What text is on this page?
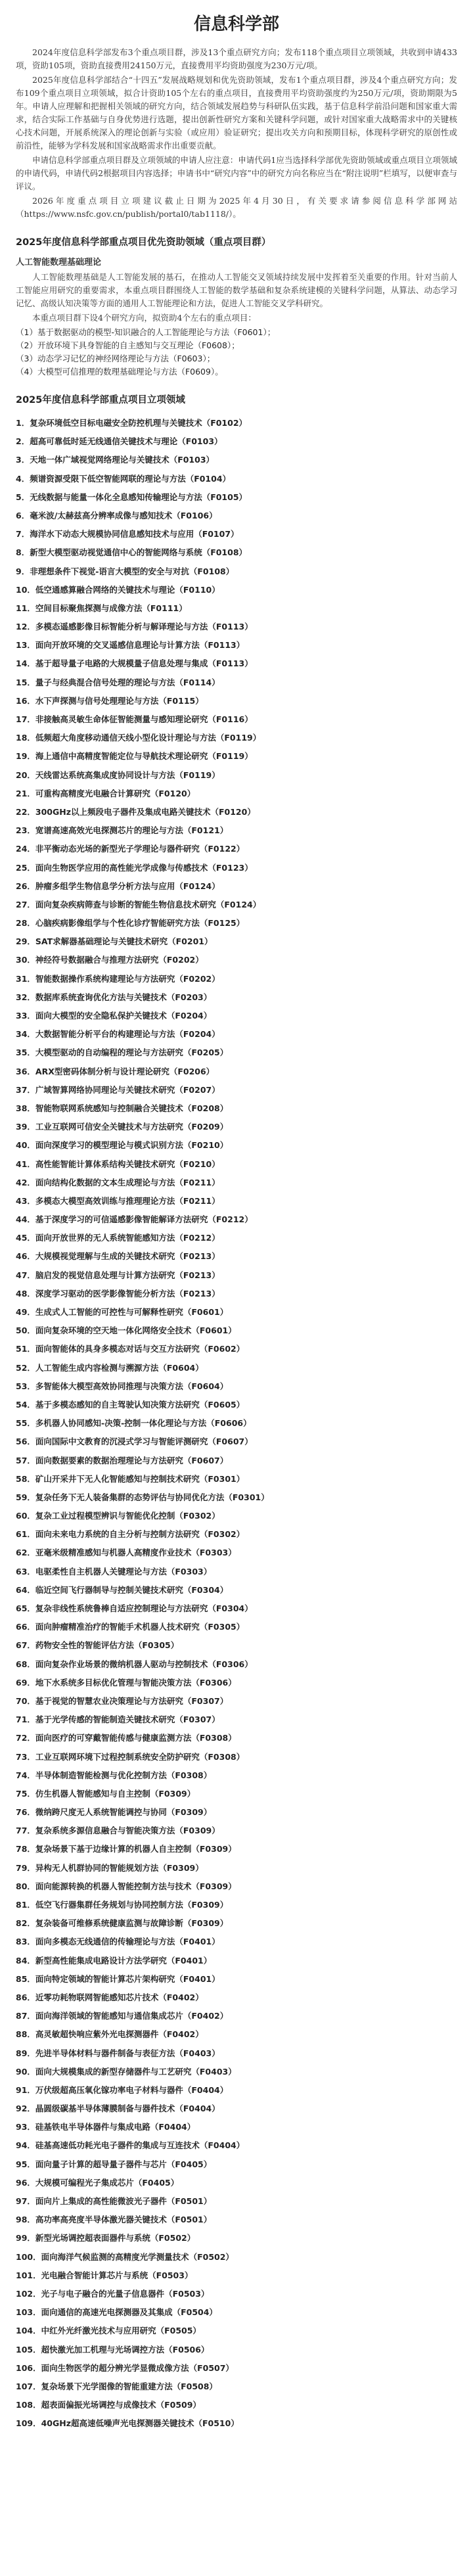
信息科学部

2024年度信息科学部发布3个重点项目群，涉及13个重点研究方向；发布118个重点项目立项领域，共收到申请433项，资助105项，资助直接费用24150万元，直接费用平均资助强度为230万元/项。

2025年度信息科学部结合“十四五”发展战略规划和优先资助领域，发布1个重点项目群，涉及4个重点研究方向；发布109个重点项目立项领域，拟合计资助105个左右的重点项目，直接费用平均资助强度约为250万元/项，资助期限为5年。申请人应理解和把握相关领域的研究方向，结合领域发展趋势与科研队伍实践，基于信息科学前沿问题和国家重大需求，结合实际工作基础与自身优势进行选题，提出创新性研究方案和关键科学问题，或针对国家重大战略需求中的关键核心技术问题，开展系统深入的理论创新与实验（或应用）验证研究；提出攻关方向和预期目标，体现科学研究的原创性或前沿性，能够为学科发展和国家战略需求作出重要贡献。

申请信息科学部重点项目群及立项领域的申请人应注意：申请代码1应当选择科学部优先资助领域或重点项目立项领域的申请代码，申请代码2根据项目内容选择；申请书中“研究内容”中的研究方向名称应当在“附注说明”栏填写，以便审查与评议。

2026年度重点项目立项建议截止日期为2025年4月30日，有关要求请参阅信息科学部网站（https://www.nsfc.gov.cn/publish/portal0/tab1118/）。

2025年度信息科学部重点项目优先资助领域（重点项目群）
人工智能数理基础理论

人工智能数理基础是人工智能发展的基石，在推动人工智能交叉领域持续发展中发挥着至关重要的作用。针对当前人工智能应用研究的重要需求，本重点项目群围绕人工智能的数学基础和复杂系统建模的关键科学问题，从算法、动态学习记忆、高级认知决策等方面的通用人工智能理论和方法，促进人工智能交叉学科研究。

本重点项目群下设4个研究方向，拟资助4个左右的重点项目：

（1）基于数据驱动的模型-知识融合的人工智能理论与方法（F0601）；
（2）开放环境下具身智能的自主感知与交互理论（F0608）；
（3）动态学习记忆的神经网络理论与方法（F0603）；
（4）大模型可信推理的数理基础理论与方法（F0609）。
2025年度信息科学部重点项目立项领域
1．复杂环境低空目标电磁安全防控机理与关键技术（F0102）
2．超高可靠低时延无线通信关键技术与理论（F0103）
3．天地一体广域视觉网络理论与关键技术（F0103）
4．频谱资源受限下低空智能网联的理论与方法（F0104）
5．无线数据与能量一体化全息感知传输理论与方法（F0105）
6．毫米波/太赫兹高分辨率成像与感知技术（F0106）
7．海洋水下动态大规模协同信息感知技术与应用（F0107）
8．新型大模型驱动视觉通信中心的智能网络与系统（F0108）
9．非理想条件下视觉-语言大模型的安全与对抗（F0108）
10．低空通感算融合网络的关键技术与理论（F0110）
11．空间目标聚焦探测与成像方法（F0111）
12．多模态遥感影像目标智能分析与解译理论与方法（F0113）
13．面向开放环境的交叉遥感信息理论与计算方法（F0113）
14．基于超导量子电路的大规模量子信息处理与集成（F0113）
15．量子与经典混合信号处理的理论与方法（F0114）
16．水下声探测与信号处理理论与方法（F0115）
17．非接触高灵敏生命体征智能测量与感知理论研究（F0116）
18．低频超大角度移动通信天线小型化设计理论与方法（F0119）
19．海上通信中高精度智能定位与导航技术理论研究（F0119）
20．天线雷达系统高集成度协同设计与方法（F0119）
21．可重构高精度光电融合计算研究（F0120）
22．300GHz以上频段电子器件及集成电路关键技术（F0120）
23．宽谱高速高效光电探测芯片的理论与方法（F0121）
24．非平衡动态光场的新型光子学理论与器件研究（F0122）
25．面向生物医学应用的高性能光学成像与传感技术（F0123）
26．肿瘤多组学生物信息学分析方法与应用（F0124）
27．面向复杂疾病筛查与诊断的智能生物信息技术研究（F0124）
28．心脑疾病影像组学与个性化诊疗智能研究方法（F0125）
29．SAT求解器基础理论与关键技术研究（F0201）
30．神经符号数据融合与推理方法研究（F0202）
31．智能数据操作系统构建理论与方法研究（F0202）
32．数据库系统查询优化方法与关键技术（F0203）
33．面向大模型的安全隐私保护关键技术（F0204）
34．大数据智能分析平台的构建理论与方法（F0204）
35．大模型驱动的自动编程的理论与方法研究（F0205）
36．ARX型密码体制分析与设计理论研究（F0206）
37．广域智算网络协同理论与关键技术研究（F0207）
38．智能物联网系统感知与控制融合关键技术（F0208）
39．工业互联网可信安全关键技术与方法研究（F0209）
40．面向深度学习的模型理论与模式识别方法（F0210）
41．高性能智能计算体系结构关键技术研究（F0210）
42．面向结构化数据的文本生成理论与方法（F0211）
43．多模态大模型高效训练与推理理论方法（F0211）
44．基于深度学习的可信遥感影像智能解译方法研究（F0212）
45．面向开放世界的无人系统智能感知方法（F0212）
46．大规模视觉理解与生成的关键技术研究（F0213）
47．脑启发的视觉信息处理与计算方法研究（F0213）
48．深度学习驱动的医学影像智能分析方法（F0213）
49．生成式人工智能的可控性与可解释性研究（F0601）
50．面向复杂环境的空天地一体化网络安全技术（F0601）
51．面向智能体的具身多模态对话与交互方法研究（F0602）
52．人工智能生成内容检测与溯源方法（F0604）
53．多智能体大模型高效协同推理与决策方法（F0604）
54．基于多模态感知的自主驾驶认知决策方法研究（F0605）
55．多机器人协同感知-决策-控制一体化理论与方法（F0606）
56．面向国际中文教育的沉浸式学习与智能评测研究（F0607）
57．面向数据要素的数据治理理论与方法研究（F0607）
58．矿山开采井下无人化智能感知与控制技术研究（F0301）
59．复杂任务下无人装备集群的态势评估与协同优化方法（F0301）
60．复杂工业过程模型辨识与智能优化控制（F0302）
61．面向未来电力系统的自主分析与控制方法研究（F0302）
62．亚毫米级精准感知与机器人高精度作业技术（F0303）
63．电驱柔性自主机器人关键理论与方法（F0303）
64．临近空间飞行器制导与控制关键技术研究（F0304）
65．复杂非线性系统鲁棒自适应控制理论与方法研究（F0304）
66．面向肿瘤精准治疗的智能手术机器人技术研究（F0305）
67．药物安全性的智能评估方法（F0305）
68．面向复杂作业场景的微纳机器人驱动与控制技术（F0306）
69．地下水系统多目标优化管理与智能决策方法（F0306）
70．基于视觉的智慧农业决策理论与方法研究（F0307）
71．基于光学传感的智能制造关键技术研究（F0307）
72．面向医疗的可穿戴智能传感与健康监测方法（F0308）
73．工业互联网环境下过程控制系统安全防护研究（F0308）
74．半导体制造智能检测与优化控制方法（F0308）
75．仿生机器人智能感知与自主控制（F0309）
76．微纳跨尺度无人系统智能调控与协同（F0309）
77．复杂系统多源信息融合与智能决策方法（F0309）
78．复杂场景下基于边缘计算的机器人自主控制（F0309）
79．异构无人机群协同的智能规划方法（F0309）
80．面向能源转换的机器人智能控制方法与技术（F0309）
81．低空飞行器集群任务规划与协同控制方法（F0309）
82．复杂装备可维修系统健康监测与故障诊断（F0309）
83．面向多模态无线通信的传输理论与方法（F0401）
84．新型高性能集成电路设计方法学研究（F0401）
85．面向特定领域的智能计算芯片架构研究（F0401）
86．近零功耗物联网智能感知芯片技术（F0402）
87．面向海洋领域的智能感知与通信集成芯片（F0402）
88．高灵敏超快响应紫外光电探测器件（F0402）
89．先进半导体材料与器件制备与表征方法（F0403）
90．面向大规模集成的新型存储器件与工艺研究（F0403）
91．万伏级超高压氧化镓功率电子材料与器件（F0404）
92．晶圆级碳基半导体薄膜制备与器件技术（F0404）
93．硅基铁电半导体器件与集成电路（F0404）
94．硅基高速低功耗光电子器件的集成与互连技术（F0404）
95．面向量子计算的超导量子器件与芯片（F0405）
96．大规模可编程光子集成芯片（F0405）
97．面向片上集成的高性能微波光子器件（F0501）
98．高功率高亮度半导体激光器关键技术（F0501）
99．新型光场调控超表面器件与系统（F0502）
100．面向海洋气候监测的高精度光学测量技术（F0502）
101．光电融合智能计算芯片与系统（F0503）
102．光子与电子融合的光量子信息器件（F0503）
103．面向通信的高速光电探测器及其集成（F0504）
104．中红外光纤激光技术与应用研究（F0505）
105．超快激光加工机理与光场调控方法（F0506）
106．面向生物医学的超分辨光学显微成像方法（F0507）
107．复杂场景下光学图像的智能重建方法（F0508）
108．超表面偏振光场调控与成像技术（F0509）
109．40GHz超高速低噪声光电探测器关键技术（F0510）
